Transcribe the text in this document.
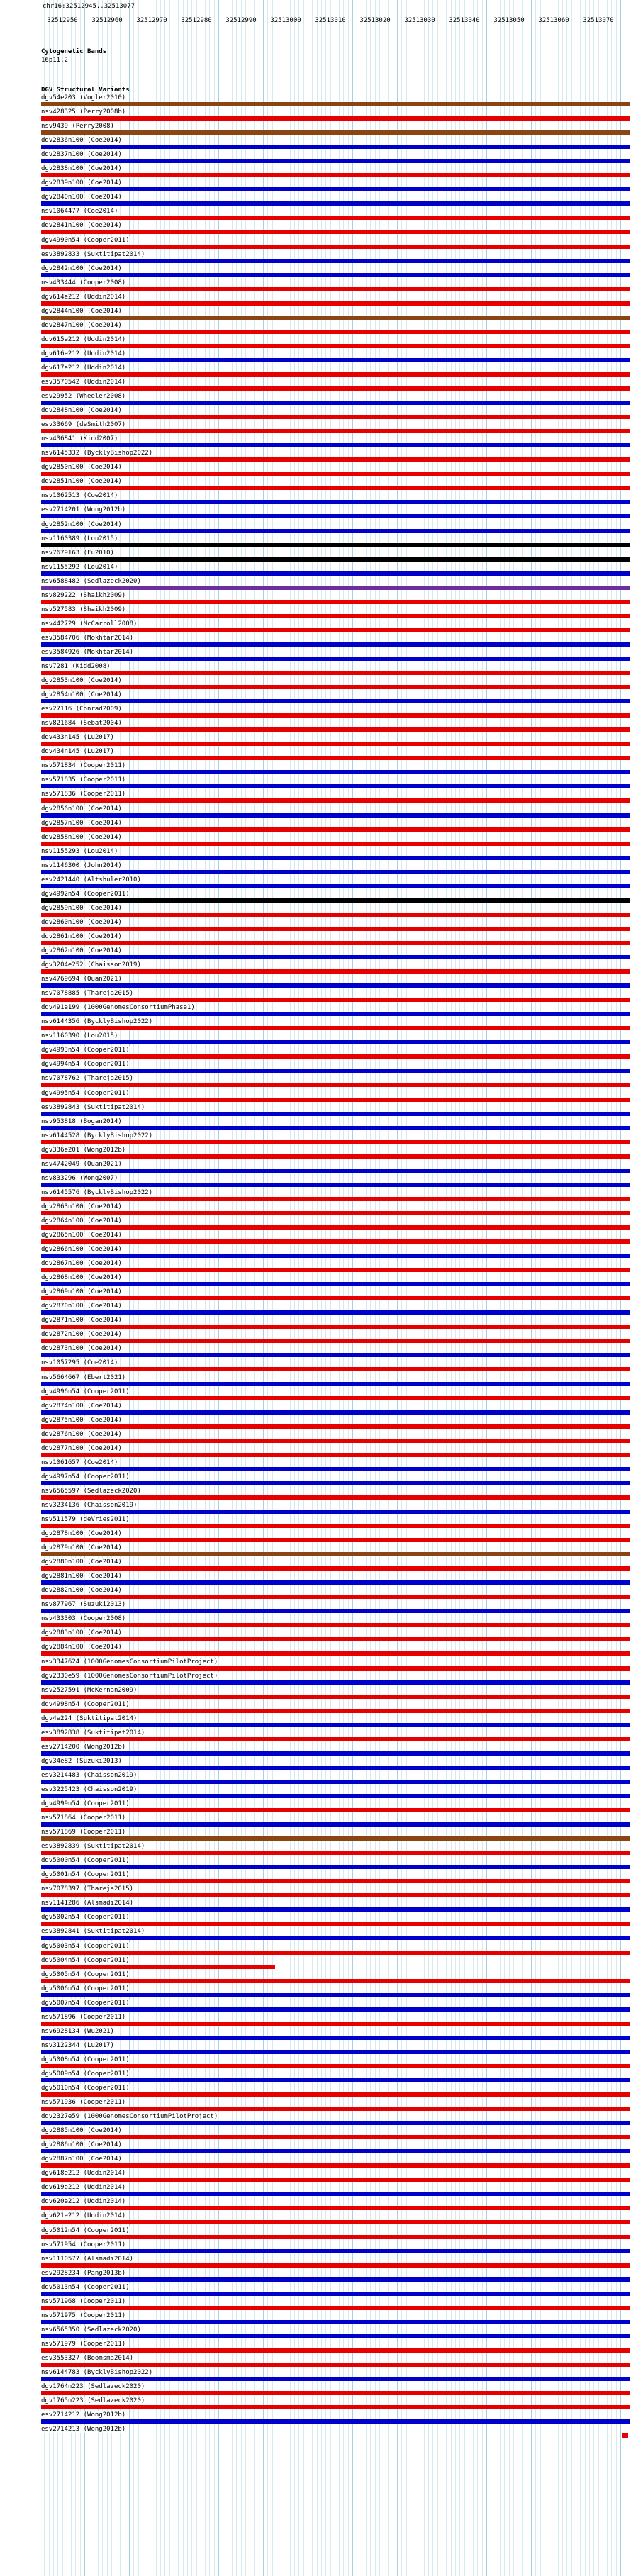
chr16:32512945..32513077
32512950 32512960 32512970 32512980 32512990 32513000 32513010 32513020 32513030 32513040 32513050 32513060 32513070
Cytogenetic Bands
16p11.2
DGV Structural Variants
dgv54e203 (Vogler2010)
nsv428325 (Perry2008b)
nsv9439 (Perry2008)
dgv2836n100 (Coe2014)
dgv2837n100 (Coe2014)
dgv2838n100 (Coe2014)
dgv2839n100 (Coe2014)
dgv2840n100 (Coe2014)
nsv1064477 (Coe2014)
dgv2841n100 (Coe2014)
dgv4990n54 (Cooper2011)
esv3892833 (Suktitipat2014)
dgv2842n100 (Coe2014)
nsv433444 (Cooper2008)
dgv614e212 (Uddin2014)
dgv2844n100 (Coe2014)
dgv2847n100 (Coe2014)
dgv615e212 (Uddin2014)
dgv616e212 (Uddin2014)
dgv617e212 (Uddin2014)
esv3570542 (Uddin2014)
esv29952 (Wheeler2008)
dgv2848n100 (Coe2014)
esv33669 (deSmith2007)
nsv436841 (Kidd2007)
nsv6145332 (BycklyBishop2022)
dgv2850n100 (Coe2014)
dgv2851n100 (Coe2014)
nsv1062513 (Coe2014)
esv2714201 (Wong2012b)
dgv2852n100 (Coe2014)
nsv1160389 (Lou2015)
nsv7679163 (Fu2010)
nsv1155292 (Lou2014)
nsv6588482 (Sedlazeck2020)
nsv829222 (Shaikh2009)
nsv527583 (Shaikh2009)
nsv442729 (McCarroll2008)
esv3584706 (Mokhtar2014)
esv3584926 (Mokhtar2014)
nsv7281 (Kidd2008)
dgv2853n100 (Coe2014)
dgv2854n100 (Coe2014)
esv27116 (Conrad2009)
nsv821684 (Sebat2004)
dgv433n145 (Lu2017)
dgv434n145 (Lu2017)
nsv571834 (Cooper2011)
nsv571835 (Cooper2011)
nsv571836 (Cooper2011)
dgv2856n100 (Coe2014)
dgv2857n100 (Coe2014)
dgv2858n100 (Coe2014)
nsv1155293 (Lou2014)
nsv1146300 (John2014)
esv2421440 (Altshuler2010)
dgv4992n54 (Cooper2011)
dgv2859n100 (Coe2014)
dgv2860n100 (Coe2014)
dgv2861n100 (Coe2014)
dgv2862n100 (Coe2014)
dgv3204e252 (Chaisson2019)
nsv4769694 (Quan2021)
nsv7078885 (Thareja2015)
dgv491e199 (1000GenomesConsortiumPhase1)
nsv6144356 (BycklyBishop2022)
nsv1160390 (Lou2015)
dgv4993n54 (Cooper2011)
dgv4994n54 (Cooper2011)
nsv7078762 (Thareja2015)
dgv4995n54 (Cooper2011)
esv3892843 (Suktitipat2014)
nsv953818 (Bogan2014)
nsv6144528 (BycklyBishop2022)
dgv336e201 (Wong2012b)
nsv4742049 (Quan2021)
nsv833296 (Wong2007)
nsv6145576 (BycklyBishop2022)
dgv2863n100 (Coe2014)
dgv2864n100 (Coe2014)
dgv2865n100 (Coe2014)
dgv2866n100 (Coe2014)
dgv2867n100 (Coe2014)
dgv2868n100 (Coe2014)
dgv2869n100 (Coe2014)
dgv2870n100 (Coe2014)
dgv2871n100 (Coe2014)
dgv2872n100 (Coe2014)
dgv2873n100 (Coe2014)
nsv1057295 (Coe2014)
nsv5664667 (Ebert2021)
dgv4996n54 (Cooper2011)
dgv2874n100 (Coe2014)
dgv2875n100 (Coe2014)
dgv2876n100 (Coe2014)
dgv2877n100 (Coe2014)
nsv1061657 (Coe2014)
dgv4997n54 (Cooper2011)
nsv6565597 (Sedlazeck2020)
nsv3234136 (Chaisson2019)
nsv511579 (deVries2011)
dgv2878n100 (Coe2014)
dgv2879n100 (Coe2014)
dgv2880n100 (Coe2014)
dgv2881n100 (Coe2014)
dgv2882n100 (Coe2014)
nsv877967 (Suzuki2013)
nsv433303 (Cooper2008)
dgv2883n100 (Coe2014)
dgv2884n100 (Coe2014)
nsv3347624 (1000GenomesConsortiumPilotProject)
dgv2330e59 (1000GenomesConsortiumPilotProject)
nsv2527591 (McKernan2009)
dgv4998n54 (Cooper2011)
dgv4e224 (Suktitipat2014)
esv3892838 (Suktitipat2014)
esv2714200 (Wong2012b)
dgv34e82 (Suzuki2013)
esv3214483 (Chaisson2019)
esv3225423 (Chaisson2019)
dgv4999n54 (Cooper2011)
nsv571864 (Cooper2011)
nsv571869 (Cooper2011)
esv3892839 (Suktitipat2014)
dgv5000n54 (Cooper2011)
dgv5001n54 (Cooper2011)
nsv7078397 (Thareja2015)
nsv1141286 (Alsmadi2014)
dgv5002n54 (Cooper2011)
esv3892841 (Suktitipat2014)
dgv5003n54 (Cooper2011)
dgv5004n54 (Cooper2011)
dgv5005n54 (Cooper2011)
dgv5006n54 (Cooper2011)
dgv5007n54 (Cooper2011)
nsv571896 (Cooper2011)
nsv6928134 (Wu2021)
nsv3122344 (Lu2017)
dgv5008n54 (Cooper2011)
dgv5009n54 (Cooper2011)
dgv5010n54 (Cooper2011)
nsv571936 (Cooper2011)
dgv2327e59 (1000GenomesConsortiumPilotProject)
dgv2885n100 (Coe2014)
dgv2886n100 (Coe2014)
dgv2887n100 (Coe2014)
dgv618e212 (Uddin2014)
dgv619e212 (Uddin2014)
dgv620e212 (Uddin2014)
dgv621e212 (Uddin2014)
dgv5012n54 (Cooper2011)
nsv571954 (Cooper2011)
nsv1110577 (Alsmadi2014)
esv2928234 (Pang2013b)
dgv5013n54 (Cooper2011)
nsv571968 (Cooper2011)
nsv571975 (Cooper2011)
nsv6565350 (Sedlazeck2020)
nsv571979 (Cooper2011)
esv3553327 (Boomsma2014)
nsv6144783 (BycklyBishop2022)
dgv1764n223 (Sedlazeck2020)
dgv1765n223 (Sedlazeck2020)
esv2714212 (Wong2012b)
esv2714213 (Wong2012b)
